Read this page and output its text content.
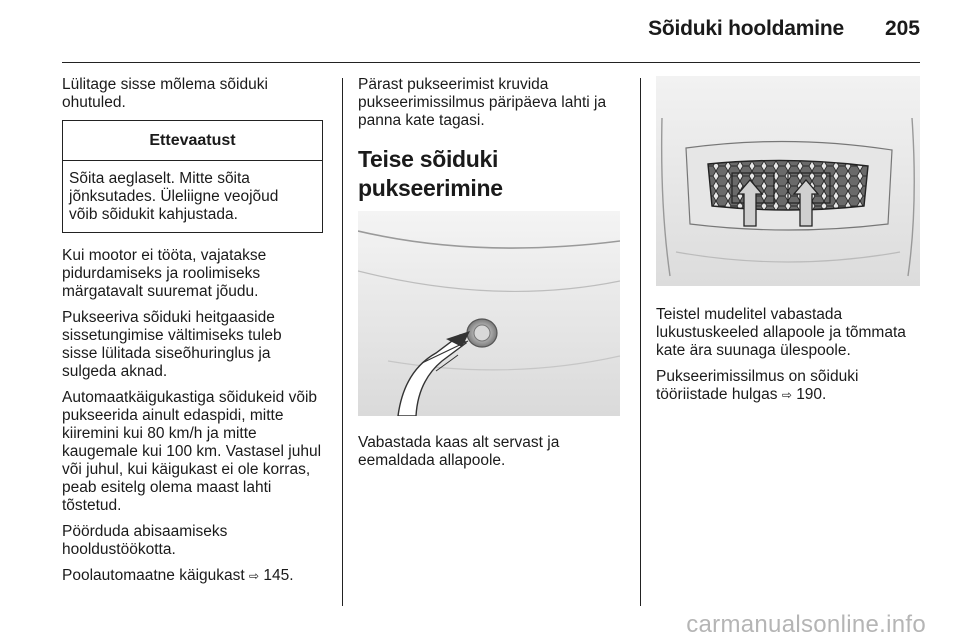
Sõiduki hooldamine 205

Lülitage sisse mõlema sõiduki
ohutuled.

Ettevaatust
Sõita aeglaselt. Mitte sõita
jõnksutades. Üleliigne veojõud
võib sõidukit kahjustada.

Kui mootor ei tööta, vajatakse
pidurdamiseks ja roolimiseks
märgatavalt suuremat jõudu.

Pukseeriva sõiduki heitgaaside
sissetungimise vältimiseks tuleb
sisse lülitada siseõhuringlus ja
sulgeda aknad.

Automaatkäigukastiga sõidukeid võib
pukseerida ainult edaspidi, mitte
kiiremini kui 80 km/h ja mitte
kaugemale kui 100 km. Vastasel juhul
või juhul, kui käigukast ei ole korras,
peab esitelg olema maast lahti
tõstetud.

Pöörduda abisaamiseks
hooldustöökotta.

Poolautomaatne käigukast ⇨ 145.

Pärast pukseerimist kruvida
pukseerimissilmus päripäeva lahti ja
panna kate tagasi.

Teise sõiduki
pukseerimine

Vabastada kaas alt servast ja
eemaldada allapoole.

Teistel mudelitel vabastada
lukustuskeeled allapoole ja tõmmata
kate ära suunaga ülespoole.

Pukseerimissilmus on sõiduki
tööriistade hulgas ⇨ 190.

carmanualsonline.info
